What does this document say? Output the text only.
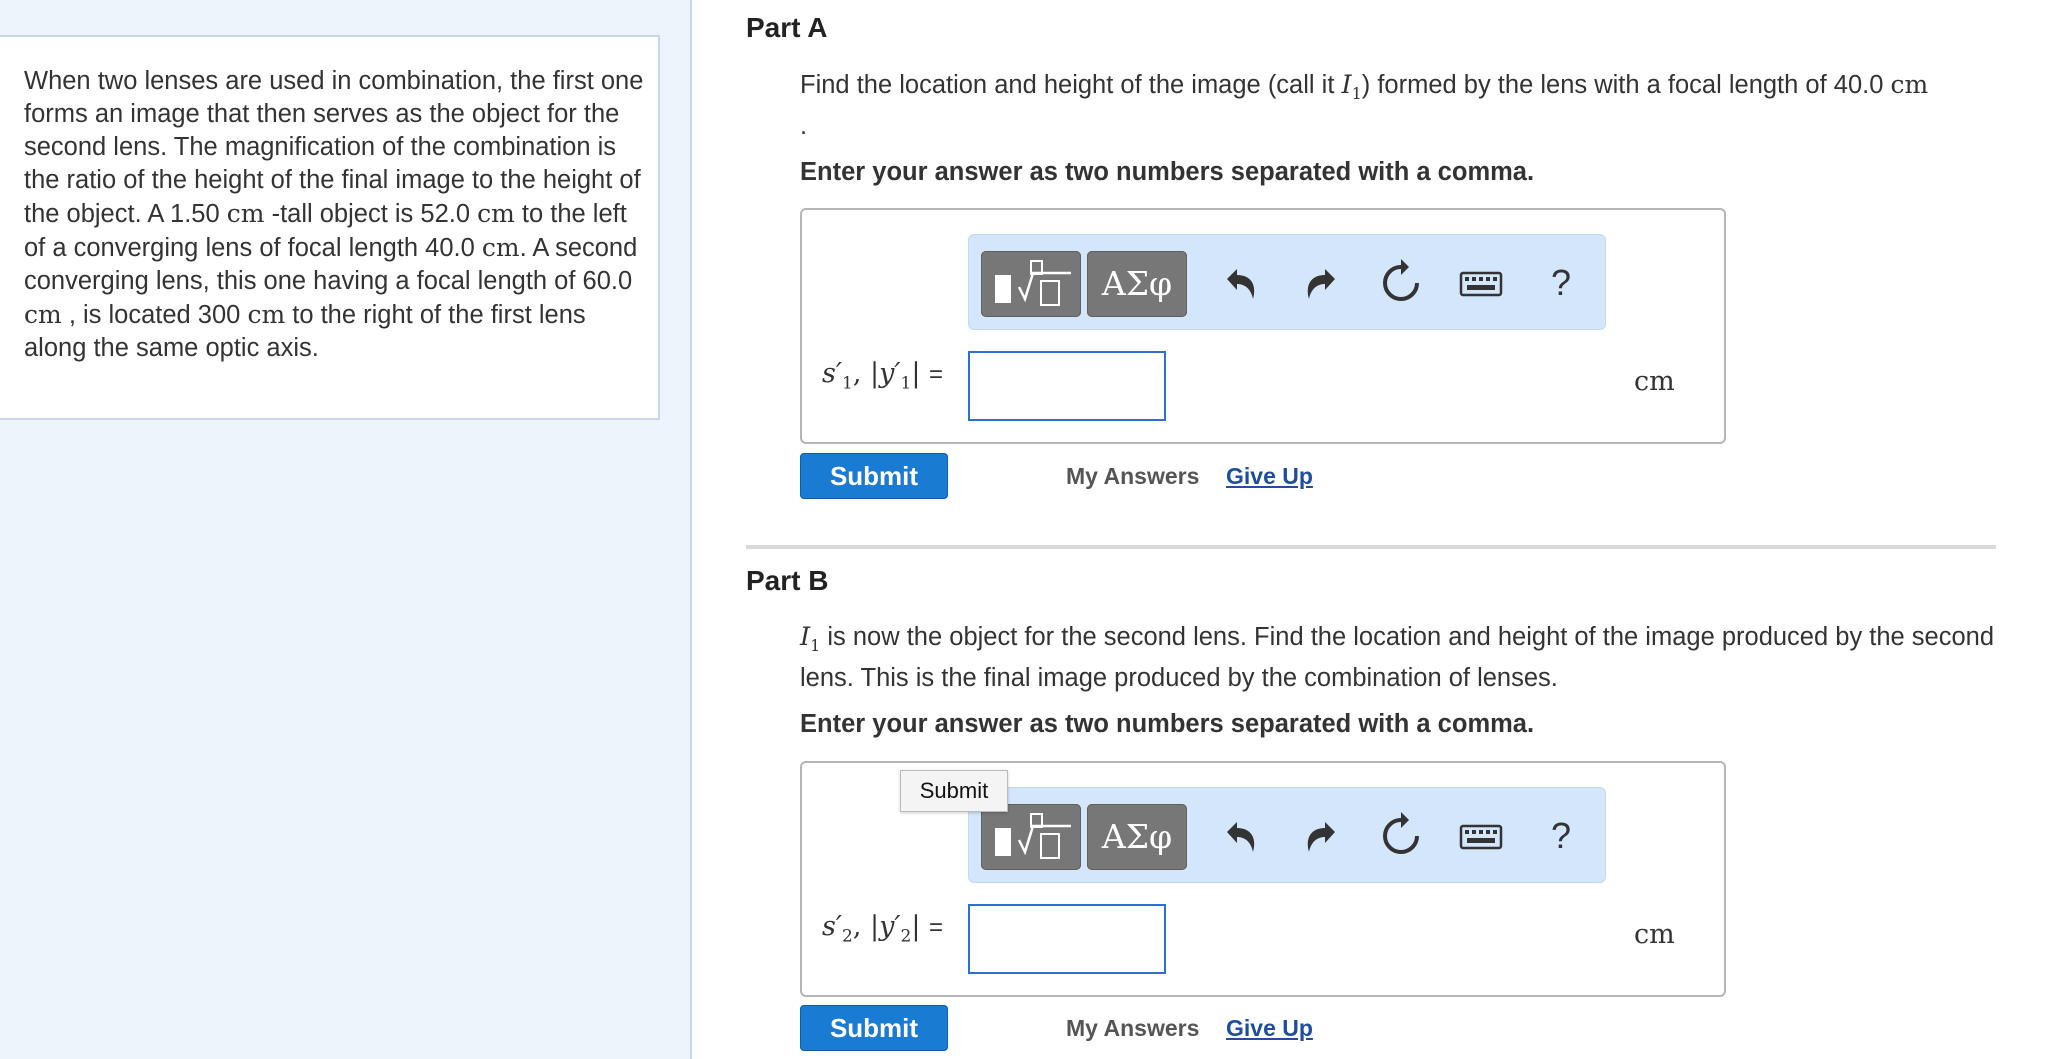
When two lenses are used in combination, the first one forms an image that then serves as the object for the second lens. The magnification of the combination is the ratio of the height of the final image to the height of the object. A 1.50 cm -tall object is 52.0 cm to the left of a converging lens of focal length 40.0 cm. A second converging lens, this one having a focal length of 60.0 cm , is located 300 cm to the right of the first lens along the same optic axis.
Part A
Find the location and height of the image (call it $I_1$) formed by the lens with a focal length of 40.0 cm
.
Enter your answer as two numbers separated with a comma.
ΑΣφ	?
$s'_1$, $|y'_1|$ =	cm
Submit	My Answers Give Up
Part B
$I_1$ is now the object for the second lens. Find the location and height of the image produced by the second lens. This is the final image produced by the combination of lenses.
Enter your answer as two numbers separated with a comma.
ΑΣφ	?
$s'_2$, $|y'_2|$ =	cm
Submit	My Answers Give Up
Submit
